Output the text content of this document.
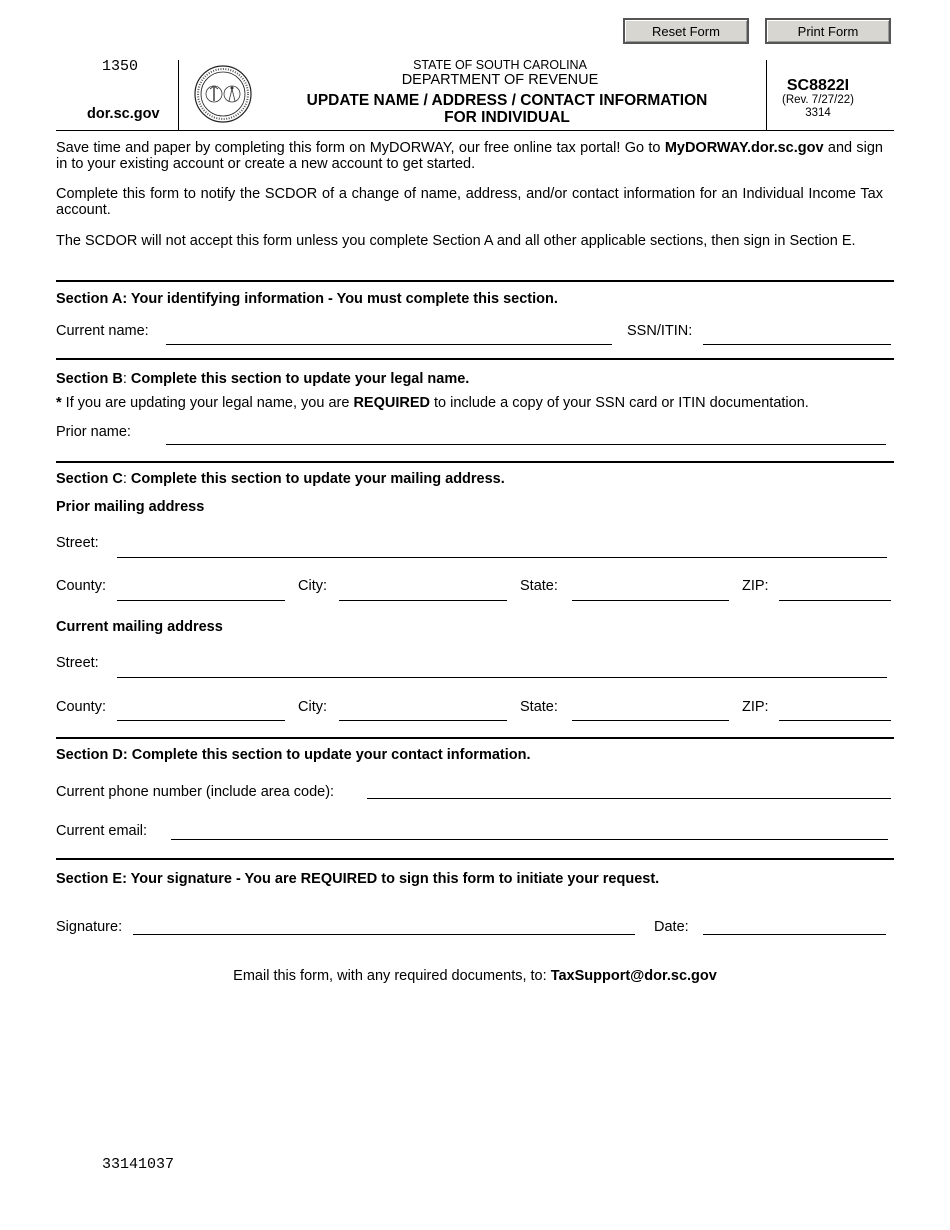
Reset Form	Print Form
1350
dor.sc.gov
STATE OF SOUTH CAROLINA
DEPARTMENT OF REVENUE
UPDATE NAME / ADDRESS / CONTACT INFORMATION
FOR INDIVIDUAL
SC8822I
(Rev. 7/27/22)
3314
Save time and paper by completing this form on MyDORWAY, our free online tax portal! Go to MyDORWAY.dor.sc.gov and sign in to your existing account or create a new account to get started.
Complete this form to notify the SCDOR of a change of name, address, and/or contact information for an Individual Income Tax account.
The SCDOR will not accept this form unless you complete Section A and all other applicable sections, then sign in Section E.
Section A: Your identifying information - You must complete this section.
Current name:	SSN/ITIN:
Section B: Complete this section to update your legal name.
* If you are updating your legal name, you are REQUIRED to include a copy of your SSN card or ITIN documentation.
Prior name:
Section C: Complete this section to update your mailing address.
Prior mailing address
Street:
County:	City:	State:	ZIP:
Current mailing address
Street:
County:	City:	State:	ZIP:
Section D: Complete this section to update your contact information.
Current phone number (include area code):
Current email:
Section E: Your signature - You are REQUIRED to sign this form to initiate your request.
Signature:	Date:
Email this form, with any required documents, to: TaxSupport@dor.sc.gov
33141037
